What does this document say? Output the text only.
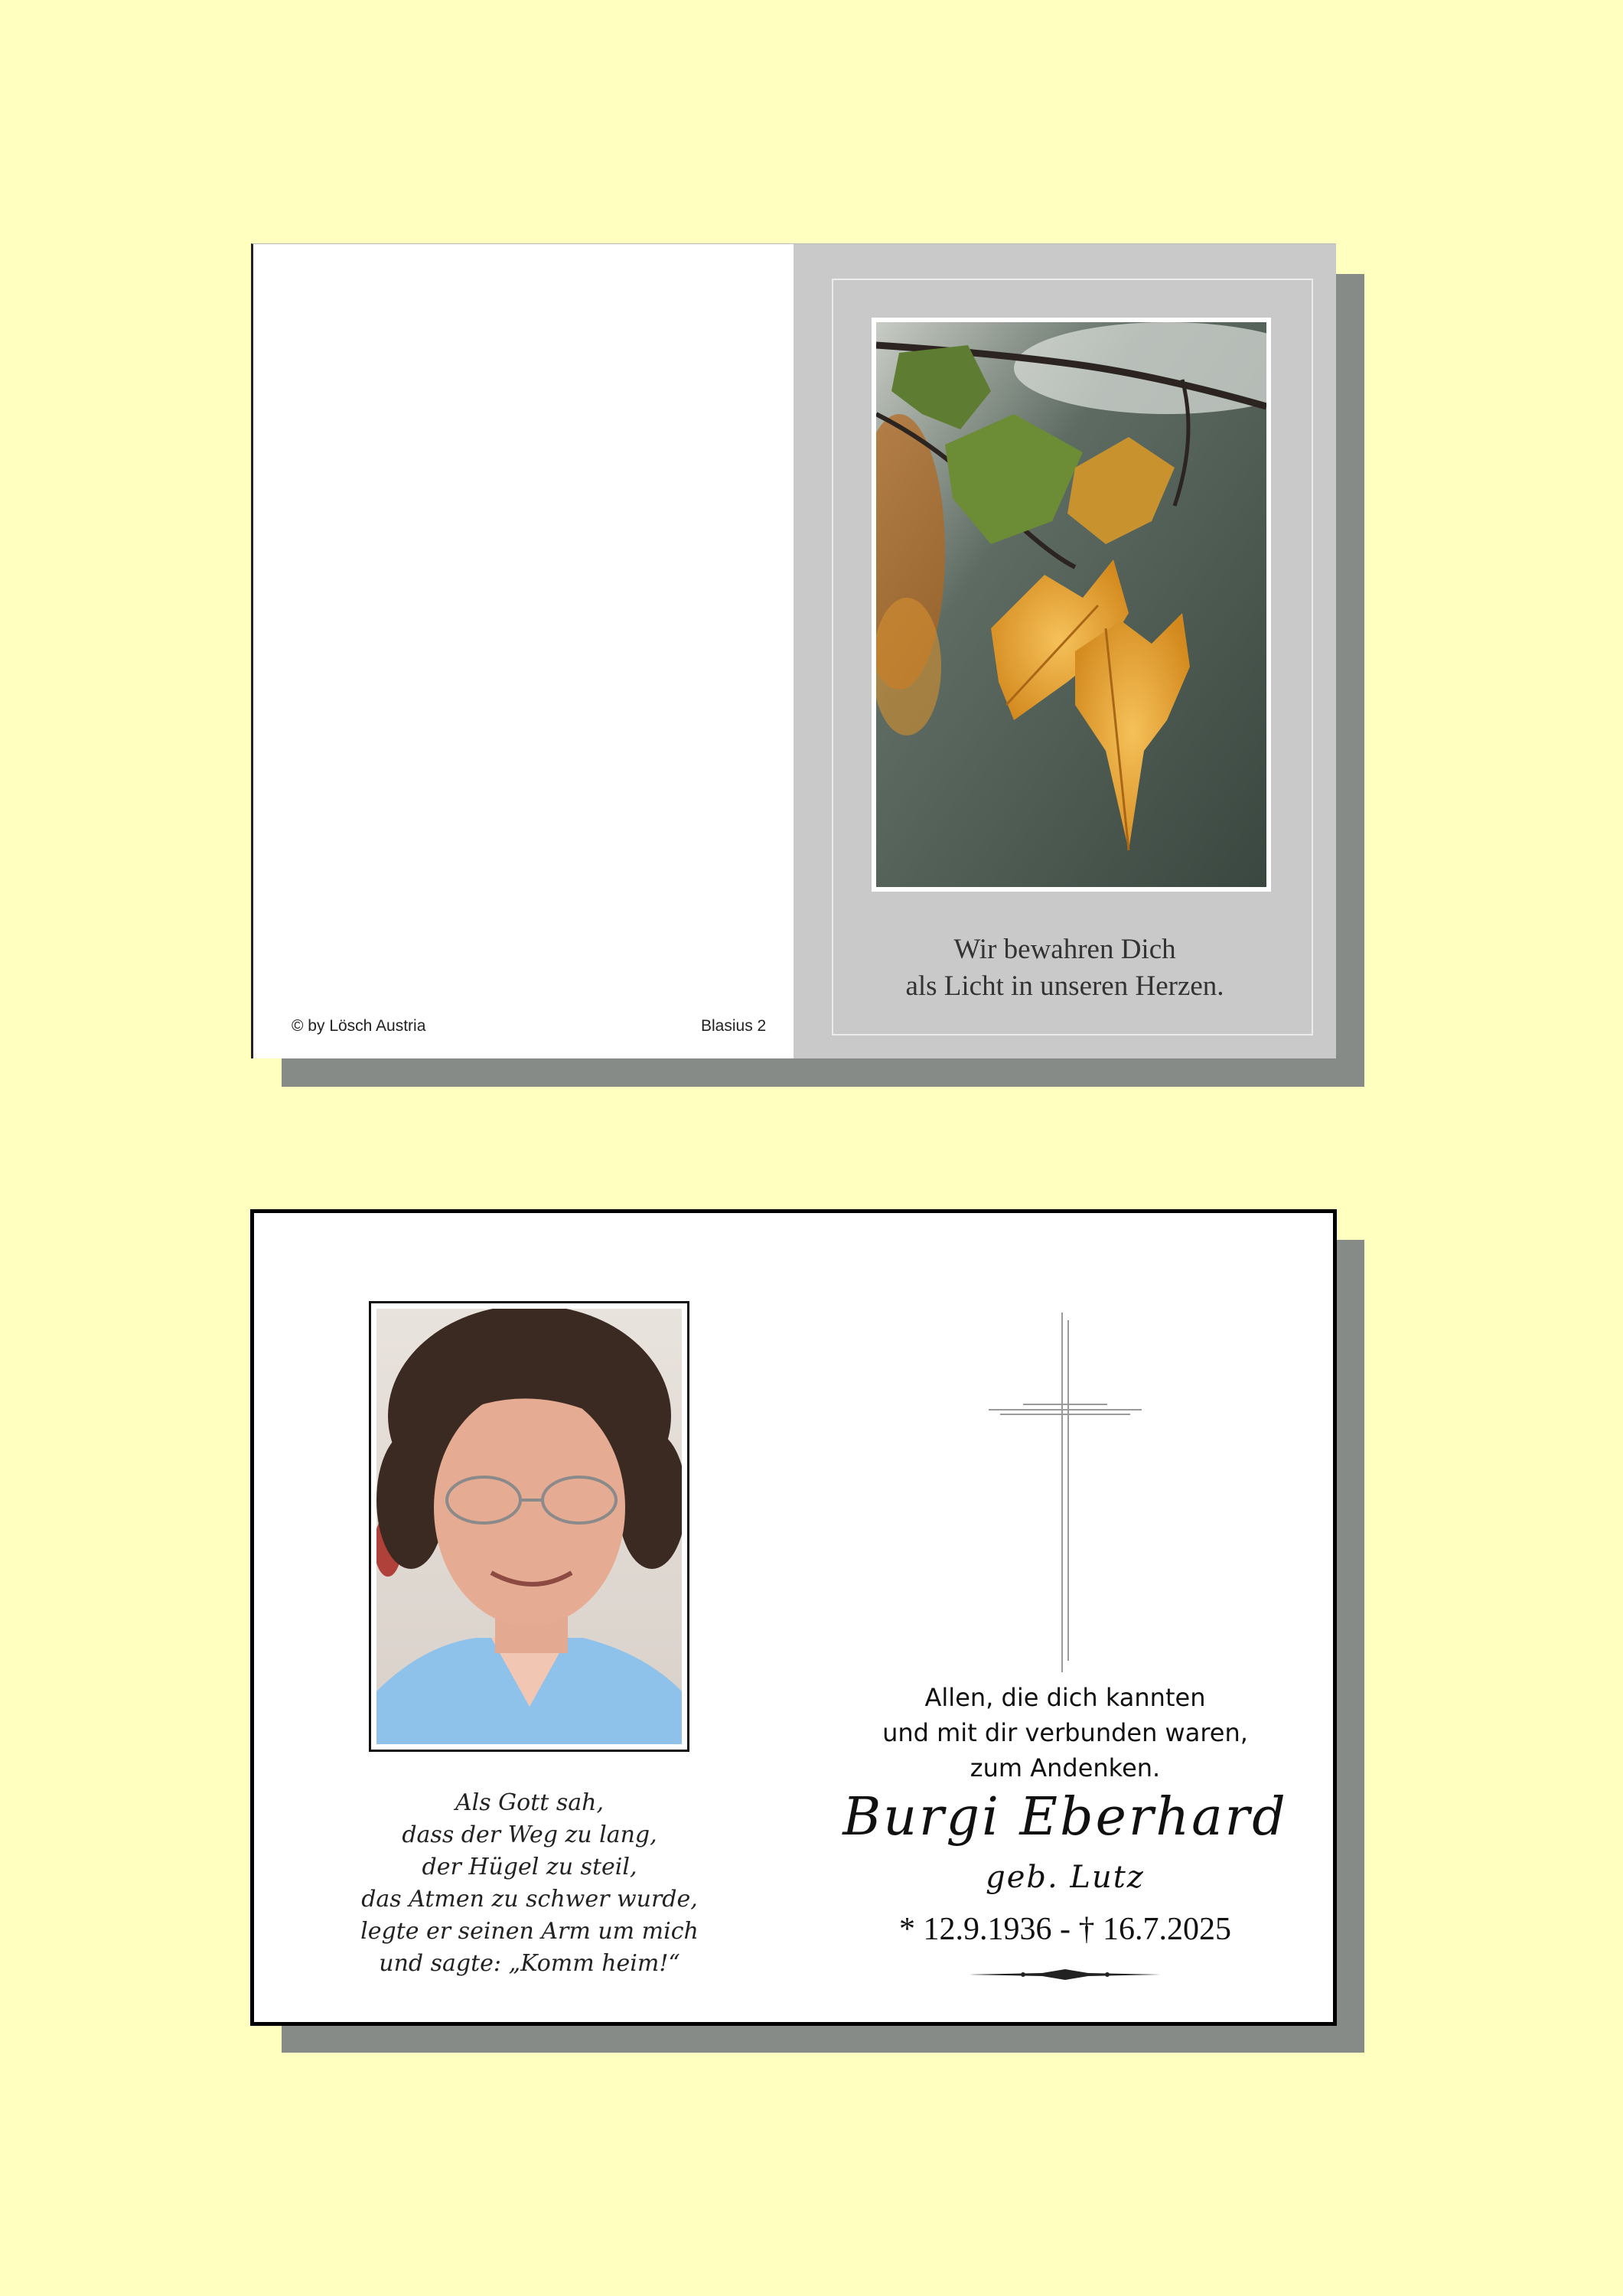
© by Lösch Austria	Blasius 2
Wir bewahren Dich
als Licht in unseren Herzen.
Als Gott sah,
dass der Weg zu lang,
der Hügel zu steil,
das Atmen zu schwer wurde,
legte er seinen Arm um mich
und sagte: „Komm heim!“
Allen, die dich kannten
und mit dir verbunden waren,
zum Andenken.
Burgi Eberhard
geb. Lutz
* 12.9.1936 - † 16.7.2025
